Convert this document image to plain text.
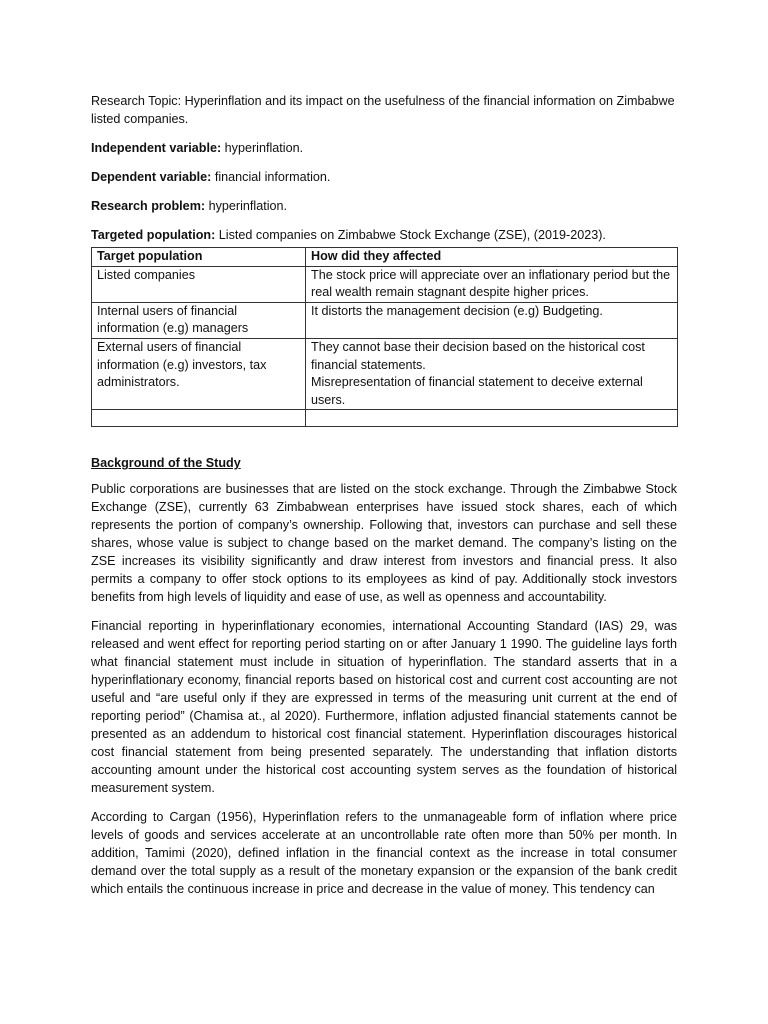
Research Topic: Hyperinflation and its impact on the usefulness of the financial information on Zimbabwe listed companies.

Independent variable: hyperinflation.

Dependent variable: financial information.

Research problem: hyperinflation.

Targeted population: Listed companies on Zimbabwe Stock Exchange (ZSE), (2019-2023).

Target population	How did they affected
Listed companies	The stock price will appreciate over an inflationary period but the real wealth remain stagnant despite higher prices.

Internal users of financial information (e.g) managers	It distorts the management decision (e.g) Budgeting.

External users of financial information (e.g) investors, tax administrators.	They cannot base their decision based on the historical cost financial statements.
Misrepresentation of financial statement to deceive external users.

Background of the Study

Public corporations are businesses that are listed on the stock exchange. Through the Zimbabwe Stock Exchange (ZSE), currently 63 Zimbabwean enterprises have issued stock shares, each of which represents the portion of company’s ownership. Following that, investors can purchase and sell these shares, whose value is subject to change based on the market demand. The company’s listing on the ZSE increases its visibility significantly and draw interest from investors and financial press. It also permits a company to offer stock options to its employees as kind of pay. Additionally stock investors benefits from high levels of liquidity and ease of use, as well as openness and accountability.

Financial reporting in hyperinflationary economies, international Accounting Standard (IAS) 29, was released and went effect for reporting period starting on or after January 1 1990. The guideline lays forth what financial statement must include in situation of hyperinflation. The standard asserts that in a hyperinflationary economy, financial reports based on historical cost and current cost accounting are not useful and “are useful only if they are expressed in terms of the measuring unit current at the end of reporting period” (Chamisa at., al 2020). Furthermore, inflation adjusted financial statements cannot be presented as an addendum to historical cost financial statement. Hyperinflation discourages historical cost financial statement from being presented separately. The understanding that inflation distorts accounting amount under the historical cost accounting system serves as the foundation of historical measurement system.

According to Cargan (1956), Hyperinflation refers to the unmanageable form of inflation where price levels of goods and services accelerate at an uncontrollable rate often more than 50% per month. In addition, Tamimi (2020), defined inflation in the financial context as the increase in total consumer demand over the total supply as a result of the monetary expansion or the expansion of the bank credit which entails the continuous increase in price and decrease in the value of money. This tendency can
